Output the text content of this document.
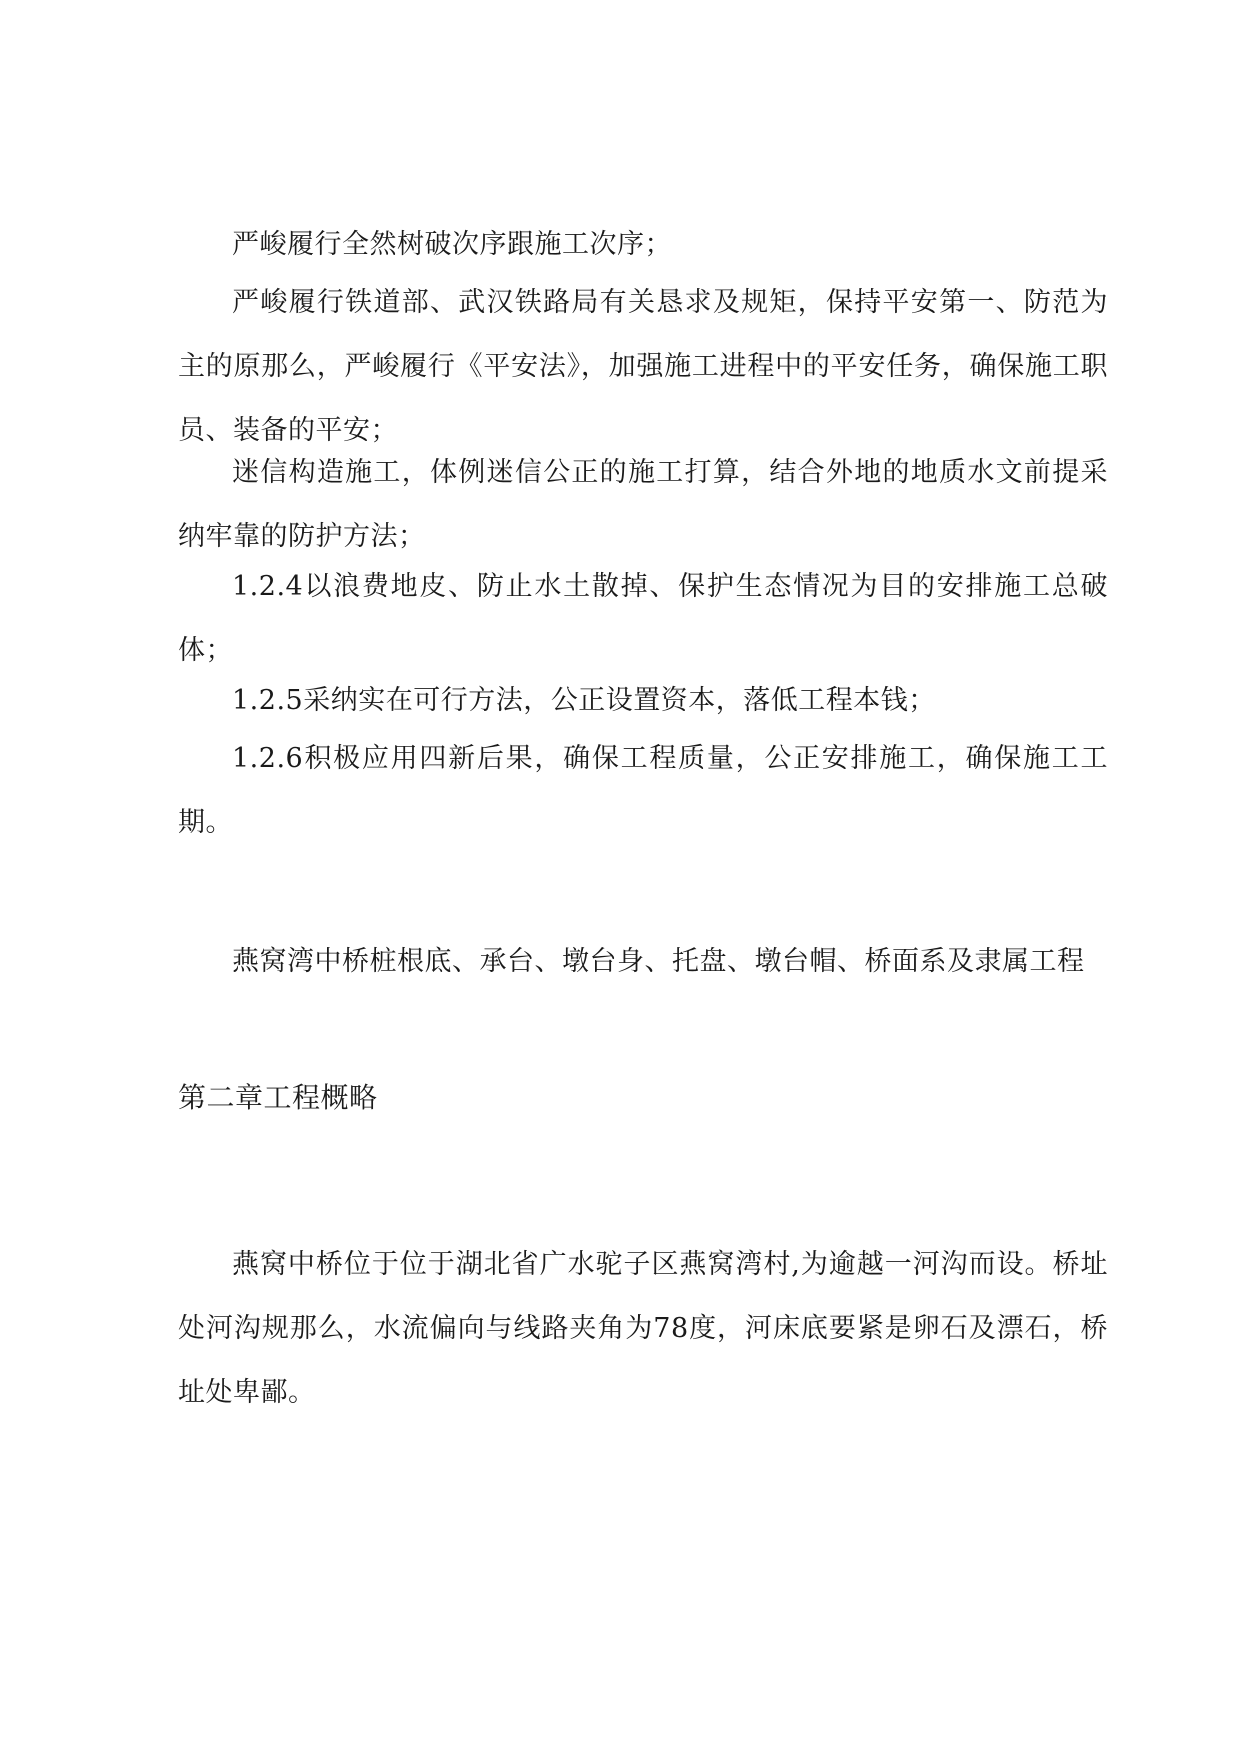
严峻履行全然树破次序跟施工次序；

严峻履行铁道部、武汉铁路局有关恳求及规矩，保持平安第一、防范为主的原那么，严峻履行《平安法》，加强施工进程中的平安任务，确保施工职员、装备的平安；

迷信构造施工，体例迷信公正的施工打算，结合外地的地质水文前提采纳牢靠的防护方法；

1.2.4以浪费地皮、防止水土散掉、保护生态情况为目的安排施工总破体；

1.2.5采纳实在可行方法，公正设置资本，落低工程本钱；

1.2.6积极应用四新后果，确保工程质量，公正安排施工，确保施工工期。

燕窝湾中桥桩根底、承台、墩台身、托盘、墩台帽、桥面系及隶属工程

第二章工程概略

燕窝中桥位于位于湖北省广水驼子区燕窝湾村,为逾越一河沟而设。桥址处河沟规那么，水流偏向与线路夹角为78度，河床底要紧是卵石及漂石，桥址处卑鄙。
